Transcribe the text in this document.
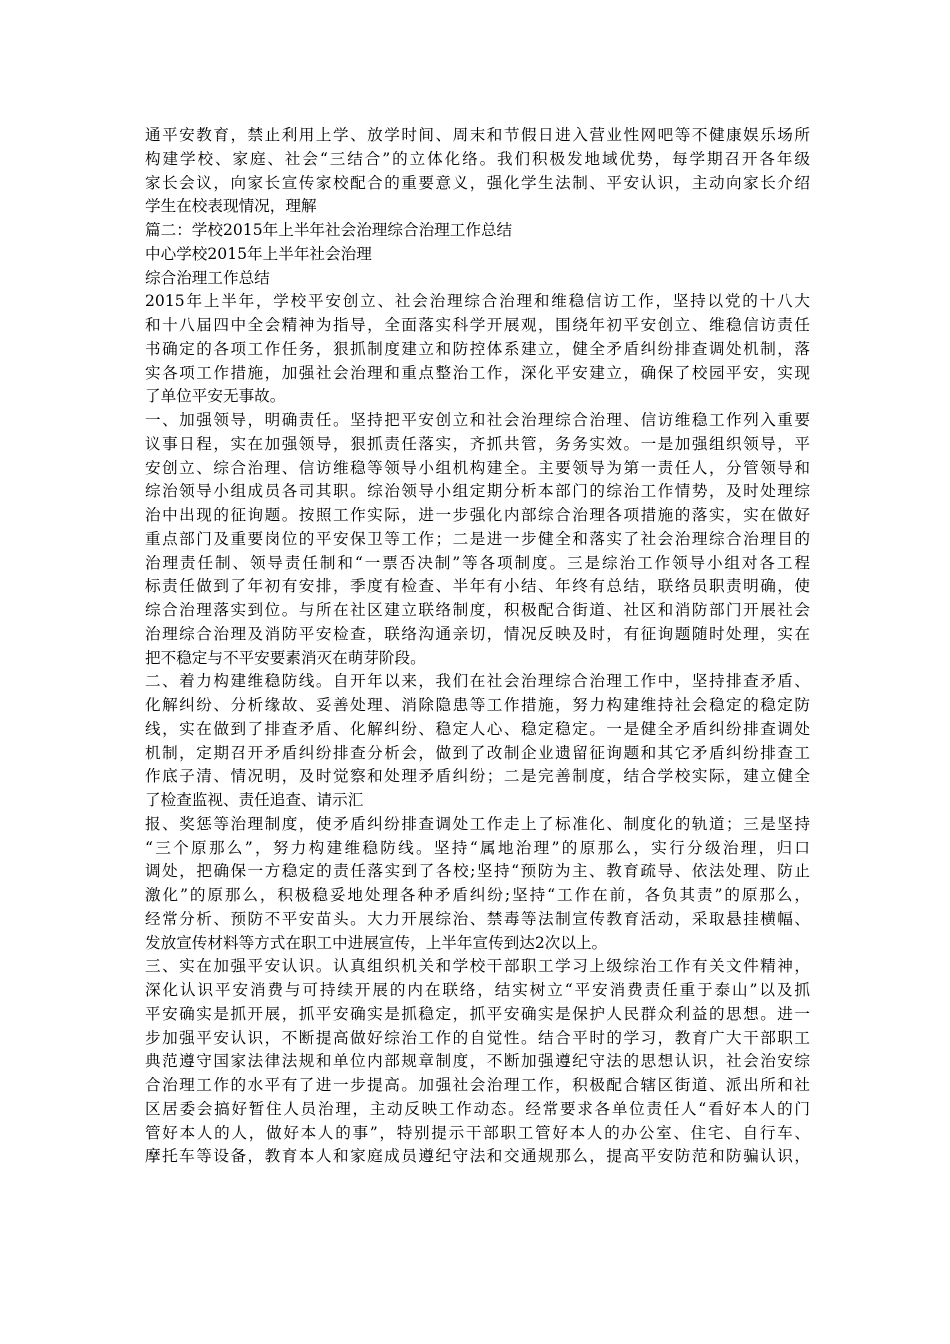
通平安教育，禁止利用上学、放学时间、周末和节假日进入营业性网吧等不健康娱乐场所
构建学校、家庭、社会“三结合”的立体化络。我们积极发地域优势，每学期召开各年级
家长会议，向家长宣传家校配合的重要意义，强化学生法制、平安认识，主动向家长介绍
学生在校表现情况，理解
篇二：学校2015年上半年社会治理综合治理工作总结
中心学校2015年上半年社会治理
综合治理工作总结
2015年上半年，学校平安创立、社会治理综合治理和维稳信访工作，坚持以党的十八大
和十八届四中全会精神为指导，全面落实科学开展观，围绕年初平安创立、维稳信访责任
书确定的各项工作任务，狠抓制度建立和防控体系建立，健全矛盾纠纷排查调处机制，落
实各项工作措施，加强社会治理和重点整治工作，深化平安建立，确保了校园平安，实现
了单位平安无事故。
一、加强领导，明确责任。坚持把平安创立和社会治理综合治理、信访维稳工作列入重要
议事日程，实在加强领导，狠抓责任落实，齐抓共管，务务实效。一是加强组织领导，平
安创立、综合治理、信访维稳等领导小组机构建全。主要领导为第一责任人，分管领导和
综治领导小组成员各司其职。综治领导小组定期分析本部门的综治工作情势，及时处理综
治中出现的征询题。按照工作实际，进一步强化内部综合治理各项措施的落实，实在做好
重点部门及重要岗位的平安保卫等工作；二是进一步健全和落实了社会治理综合治理目的
治理责任制、领导责任制和“一票否决制”等各项制度。三是综治工作领导小组对各工程
标责任做到了年初有安排，季度有检查、半年有小结、年终有总结，联络员职责明确，使
综合治理落实到位。与所在社区建立联络制度，积极配合街道、社区和消防部门开展社会
治理综合治理及消防平安检查，联络沟通亲切，情况反映及时，有征询题随时处理，实在
把不稳定与不平安要素消灭在萌芽阶段。
二、着力构建维稳防线。自开年以来，我们在社会治理综合治理工作中，坚持排查矛盾、
化解纠纷、分析缘故、妥善处理、消除隐患等工作措施，努力构建维持社会稳定的稳定防
线，实在做到了排查矛盾、化解纠纷、稳定人心、稳定稳定。一是健全矛盾纠纷排查调处
机制，定期召开矛盾纠纷排查分析会，做到了改制企业遗留征询题和其它矛盾纠纷排查工
作底子清、情况明，及时觉察和处理矛盾纠纷；二是完善制度，结合学校实际，建立健全
了检查监视、责任追查、请示汇
报、奖惩等治理制度，使矛盾纠纷排查调处工作走上了标准化、制度化的轨道；三是坚持
“三个原那么”，努力构建维稳防线。坚持“属地治理”的原那么，实行分级治理，归口
调处，把确保一方稳定的责任落实到了各校;坚持“预防为主、教育疏导、依法处理、防止
激化”的原那么，积极稳妥地处理各种矛盾纠纷;坚持“工作在前，各负其责”的原那么，
经常分析、预防不平安苗头。大力开展综治、禁毒等法制宣传教育活动，采取悬挂横幅、
发放宣传材料等方式在职工中进展宣传，上半年宣传到达2次以上。
三、实在加强平安认识。认真组织机关和学校干部职工学习上级综治工作有关文件精神，
深化认识平安消费与可持续开展的内在联络，结实树立“平安消费责任重于泰山”以及抓
平安确实是抓开展，抓平安确实是抓稳定，抓平安确实是保护人民群众利益的思想。进一
步加强平安认识，不断提高做好综治工作的自觉性。结合平时的学习，教育广大干部职工
典范遵守国家法律法规和单位内部规章制度，不断加强遵纪守法的思想认识，社会治安综
合治理工作的水平有了进一步提高。加强社会治理工作，积极配合辖区街道、派出所和社
区居委会搞好暂住人员治理，主动反映工作动态。经常要求各单位责任人“看好本人的门
管好本人的人，做好本人的事”，特别提示干部职工管好本人的办公室、住宅、自行车、
摩托车等设备，教育本人和家庭成员遵纪守法和交通规那么，提高平安防范和防骗认识，
